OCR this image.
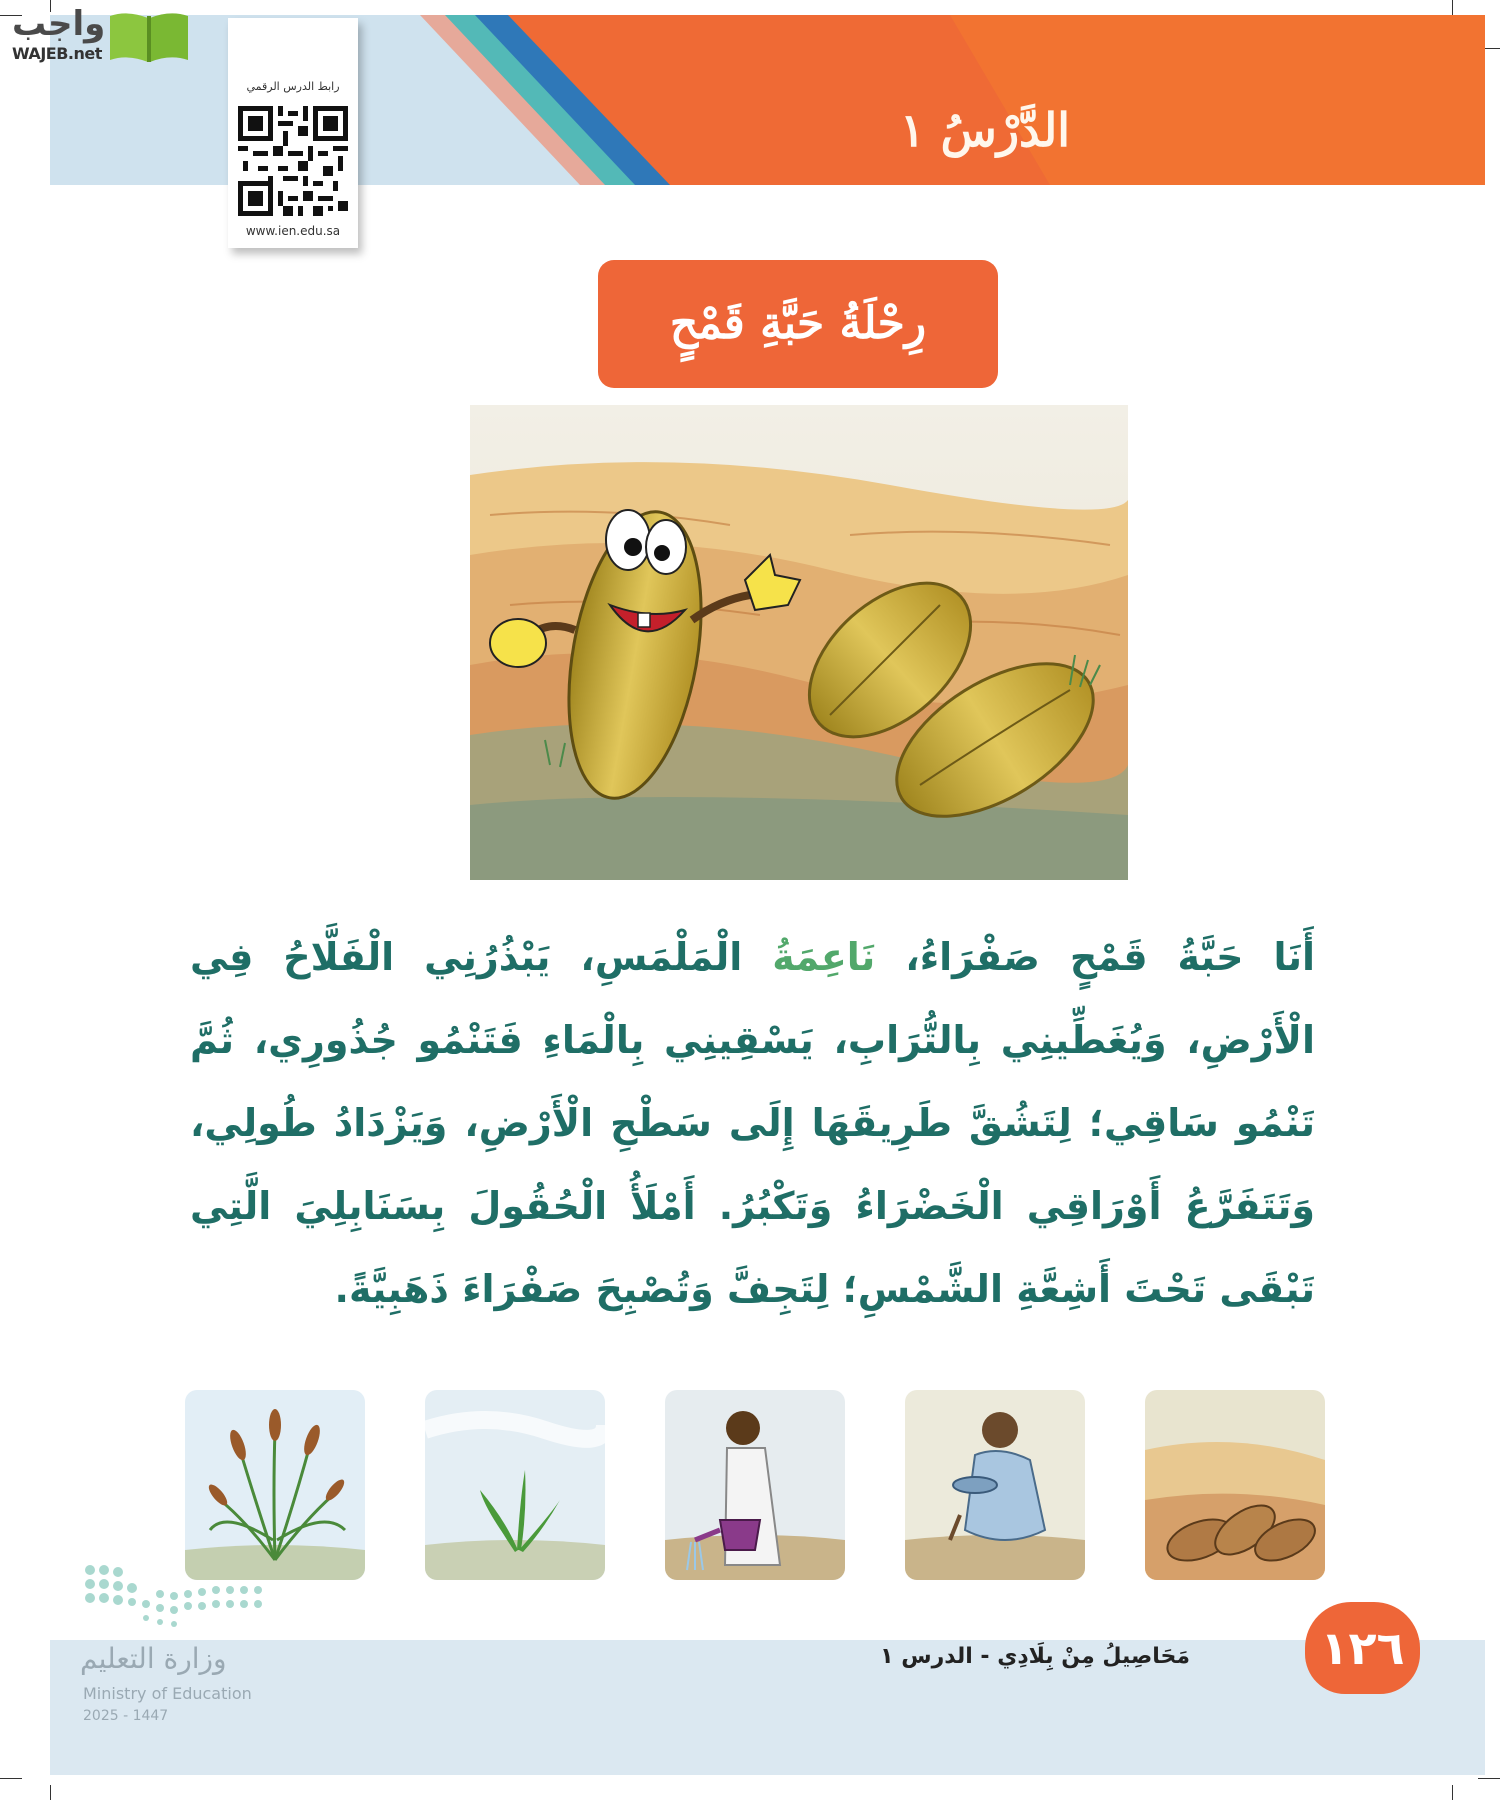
الدَّرْسُ ١
واجب
WAJEB.net
رابط الدرس الرقمي
www.ien.edu.sa
رِحْلَةُ حَبَّةِ قَمْحٍ

أَنَا حَبَّةُ قَمْحٍ صَفْرَاءُ، نَاعِمَةُ الْمَلْمَسِ، يَبْذُرُنِي الْفَلَّاحُ فِي الْأَرْضِ، وَيُغَطِّينِي بِالتُّرَابِ، يَسْقِينِي بِالْمَاءِ فَتَنْمُو جُذُورِي، ثُمَّ تَنْمُو سَاقِي؛ لِتَشُقَّ طَرِيقَهَا إِلَى سَطْحِ الْأَرْضِ، وَيَزْدَادُ طُولِي، وَتَتَفَرَّعُ أَوْرَاقِي الْخَضْرَاءُ وَتَكْبُرُ. أَمْلَأُ الْحُقُولَ بِسَنَابِلِيَ الَّتِي تَبْقَى تَحْتَ أَشِعَّةِ الشَّمْسِ؛ لِتَجِفَّ وَتُصْبِحَ صَفْرَاءَ ذَهَبِيَّةً.

١٢٦
مَحَاصِيلُ مِنْ بِلَادِي - الدرس ١
وزارة التعليم
Ministry of Education
2025 - 1447
